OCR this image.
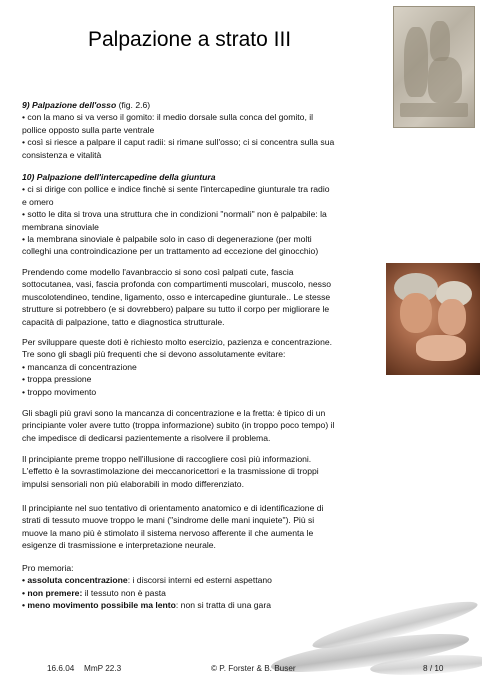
Palpazione a strato III

9) Palpazione dell'osso (fig. 2.6)

• con la mano si va verso il gomito: il medio dorsale sulla conca del gomito, il

pollice opposto sulla parte ventrale

• così si riesce a palpare il caput radii: si rimane sull'osso; ci si concentra sulla sua

consistenza e vitalità

10) Palpazione dell'intercapedine della giuntura

• ci si dirige con pollice e indice finchè si sente l'intercapedine giunturale tra radio

e omero

• sotto le dita si trova una struttura che in condizioni "normali" non è palpabile: la

membrana sinoviale

• la membrana sinoviale è palpabile solo in caso di degenerazione (per molti

colleghi una controindicazione per un trattamento ad eccezione del ginocchio)

Prendendo come modello l'avanbraccio si sono così palpati cute, fascia

sottocutanea, vasi, fascia profonda con compartimenti muscolari, muscolo, nesso

muscolotendineo, tendine, ligamento, osso e intercapedine giunturale.. Le stesse

strutture si potrebbero (e si dovrebbero) palpare su tutto il corpo per migliorare le

capacità di palpazione, tatto e diagnostica strutturale.

Per sviluppare queste doti è richiesto molto esercizio, pazienza e concentrazione.

Tre sono gli sbagli più frequenti che si devono assolutamente evitare:

• mancanza di concentrazione

• troppa pressione

• troppo movimento

Gli sbagli più gravi sono la mancanza di concentrazione e la fretta: è tipico di un

principiante voler avere tutto (troppa informazione) subito (in troppo poco tempo) il

che impedisce di dedicarsi pazientemente a risolvere il problema.

Il principiante preme troppo nell'illusione di raccogliere così più informazioni.

L'effetto è la sovrastimolazione dei meccanoricettori e la trasmissione di troppi

impulsi sensoriali non più elaborabili in modo differenziato.

Il principiante nel suo tentativo di orientamento anatomico e di identificazione di

strati di tessuto muove troppo le mani ("sindrome delle mani inquiete"). Più si

muove la mano più è stimolato il sistema nervoso afferente il che aumenta le

esigenze di trasmissione e interpretazione neurale.

Pro memoria:

• assoluta concentrazione: i discorsi interni ed esterni aspettano

• non premere: il tessuto non è pasta

• meno movimento possibile ma lento: non si tratta di una gara

16.6.04 MmP 22.3	© P. Forster & B. Buser	8 / 10
